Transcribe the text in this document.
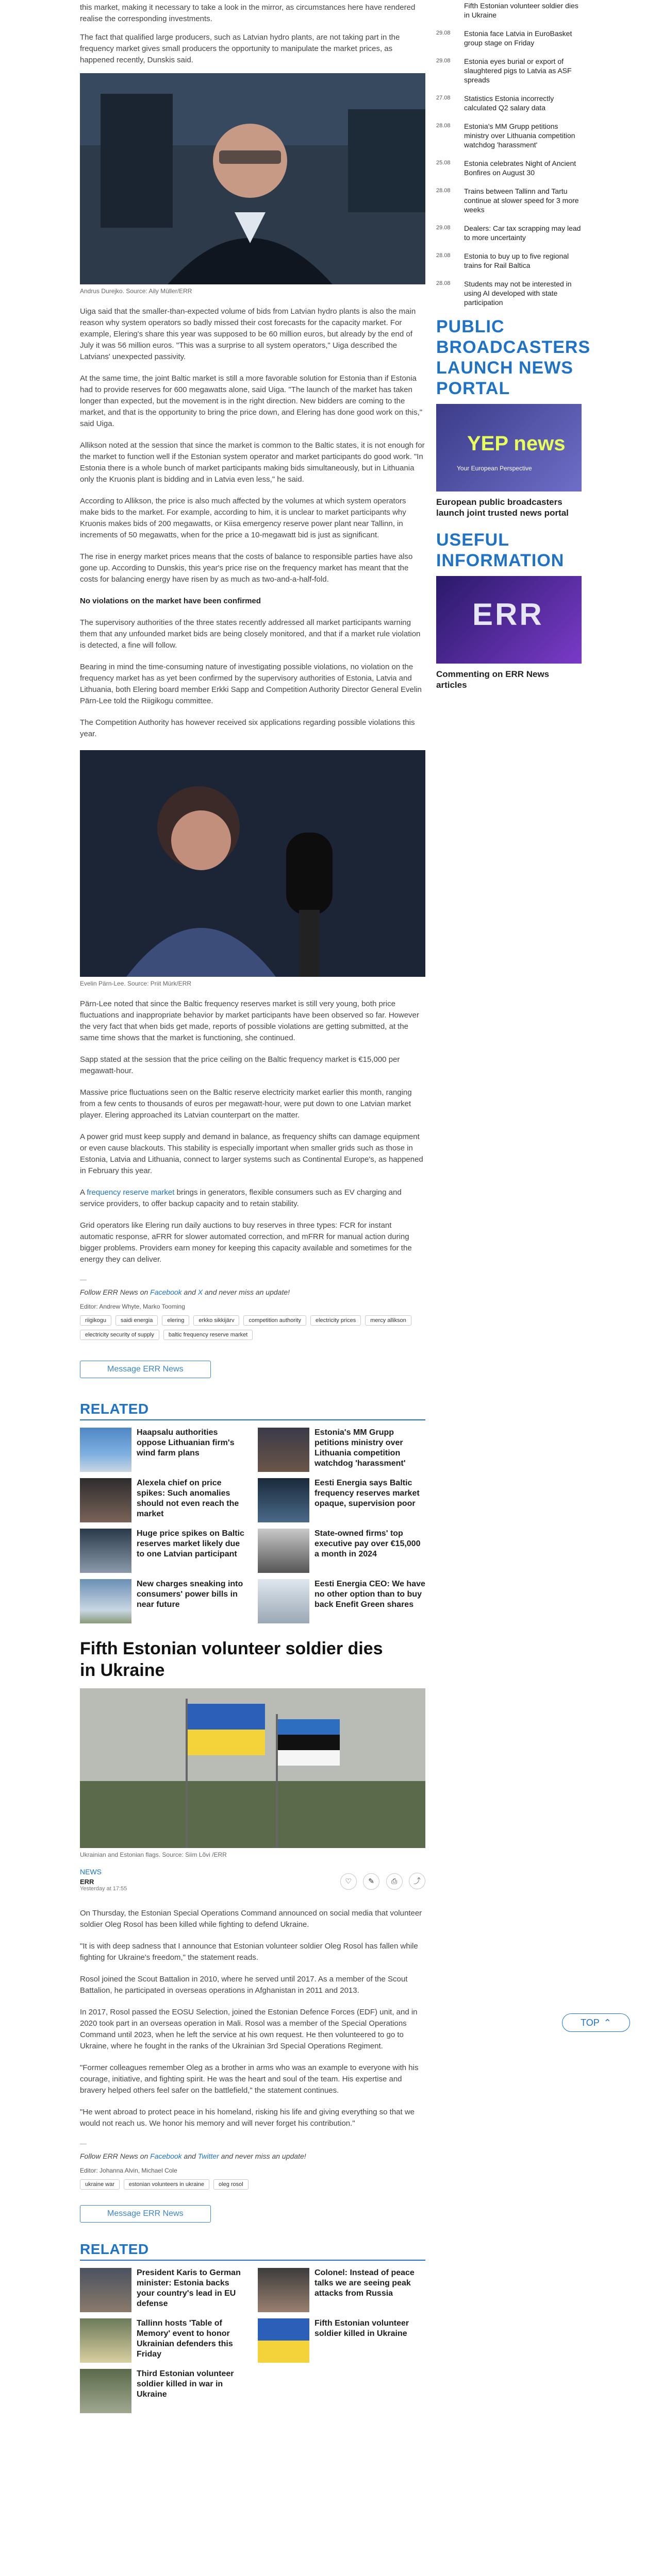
this market, making it necessary to take a look in the mirror, as circumstances here have rendered realise the corresponding investments.

The fact that qualified large producers, such as Latvian hydro plants, are not taking part in the frequency market gives small producers the opportunity to manipulate the market prices, as happened recently, Dunskis said.

Andrus Durejko. Source: Aily Müller/ERR

Uiga said that the smaller-than-expected volume of bids from Latvian hydro plants is also the main reason why system operators so badly missed their cost forecasts for the capacity market. For example, Elering's share this year was supposed to be 60 million euros, but already by the end of July it was 56 million euros. "This was a surprise to all system operators," Uiga described the Latvians' unexpected passivity.

At the same time, the joint Baltic market is still a more favorable solution for Estonia than if Estonia had to provide reserves for 600 megawatts alone, said Uiga. "The launch of the market has taken longer than expected, but the movement is in the right direction. New bidders are coming to the market, and that is the opportunity to bring the price down, and Elering has done good work on this," said Uiga.

Allikson noted at the session that since the market is common to the Baltic states, it is not enough for the market to function well if the Estonian system operator and market participants do good work. "In Estonia there is a whole bunch of market participants making bids simultaneously, but in Lithuania only the Kruonis plant is bidding and in Latvia even less," he said.

According to Allikson, the price is also much affected by the volumes at which system operators make bids to the market. For example, according to him, it is unclear to market participants why Kruonis makes bids of 200 megawatts, or Kiisa emergency reserve power plant near Tallinn, in increments of 50 megawatts, when for the price a 10-megawatt bid is just as significant.

The rise in energy market prices means that the costs of balance to responsible parties have also gone up. According to Dunskis, this year's price rise on the frequency market has meant that the costs for balancing energy have risen by as much as two-and-a-half-fold.

No violations on the market have been confirmed

The supervisory authorities of the three states recently addressed all market participants warning them that any unfounded market bids are being closely monitored, and that if a market rule violation is detected, a fine will follow.

Bearing in mind the time-consuming nature of investigating possible violations, no violation on the frequency market has as yet been confirmed by the supervisory authorities of Estonia, Latvia and Lithuania, both Elering board member Erkki Sapp and Competition Authority Director General Evelin Pärn-Lee told the Riigikogu committee.

The Competition Authority has however received six applications regarding possible violations this year.

Evelin Pärn-Lee. Source: Priit Mürk/ERR

Pärn-Lee noted that since the Baltic frequency reserves market is still very young, both price fluctuations and inappropriate behavior by market participants have been observed so far. However the very fact that when bids get made, reports of possible violations are getting submitted, at the same time shows that the market is functioning, she continued.

Sapp stated at the session that the price ceiling on the Baltic frequency market is €15,000 per megawatt-hour.

Massive price fluctuations seen on the Baltic reserve electricity market earlier this month, ranging from a few cents to thousands of euros per megawatt-hour, were put down to one Latvian market player. Elering approached its Latvian counterpart on the matter.

A power grid must keep supply and demand in balance, as frequency shifts can damage equipment or even cause blackouts. This stability is especially important when smaller grids such as those in Estonia, Latvia and Lithuania, connect to larger systems such as Continental Europe's, as happened in February this year.

A frequency reserve market brings in generators, flexible consumers such as EV charging and service providers, to offer backup capacity and to retain stability.

Grid operators like Elering run daily auctions to buy reserves in three types: FCR for instant automatic response, aFRR for slower automated correction, and mFRR for manual action during bigger problems. Providers earn money for keeping this capacity available and sometimes for the energy they can deliver.

—

Follow ERR News on Facebook and X and never miss an update!

Editor: Andrew Whyte, Marko Tooming
riigikogu	saidi energia	elering	erkko sikkijärv	competition authority	electricity prices	mercy allikson
electricity security of supply	baltic frequency reserve market
Message ERR News
RELATED
Haapsalu authorities oppose Lithuanian firm's wind farm plans
Estonia's MM Grupp petitions ministry over Lithuania competition watchdog 'harassment'
Alexela chief on price spikes: Such anomalies should not even reach the market
Eesti Energia says Baltic frequency reserves market opaque, supervision poor
Huge price spikes on Baltic reserves market likely due to one Latvian participant
State-owned firms' top executive pay over €15,000 a month in 2024
New charges sneaking into consumers' power bills in near future
Eesti Energia CEO: We have no other option than to buy back Enefit Green shares
Fifth Estonian volunteer soldier dies in Ukraine
Ukrainian and Estonian flags. Source: Siim Lõvi /ERR
NEWS
ERR
Yesterday at 17:55
♡ ✎ ⎙ ⤴

On Thursday, the Estonian Special Operations Command announced on social media that volunteer soldier Oleg Rosol has been killed while fighting to defend Ukraine.

"It is with deep sadness that I announce that Estonian volunteer soldier Oleg Rosol has fallen while fighting for Ukraine's freedom," the statement reads.

Rosol joined the Scout Battalion in 2010, where he served until 2017. As a member of the Scout Battalion, he participated in overseas operations in Afghanistan in 2011 and 2013.

In 2017, Rosol passed the EOSU Selection, joined the Estonian Defence Forces (EDF) unit, and in 2020 took part in an overseas operation in Mali. Rosol was a member of the Special Operations Command until 2023, when he left the service at his own request. He then volunteered to go to Ukraine, where he fought in the ranks of the Ukrainian 3rd Special Operations Regiment.

"Former colleagues remember Oleg as a brother in arms who was an example to everyone with his courage, initiative, and fighting spirit. He was the heart and soul of the team. His expertise and bravery helped others feel safer on the battlefield," the statement continues.

"He went abroad to protect peace in his homeland, risking his life and giving everything so that we would not reach us. We honor his memory and will never forget his contribution."

—

Follow ERR News on Facebook and Twitter and never miss an update!

Editor: Johanna Alvin, Michael Cole
ukraine war	estonian volunteers in ukraine	oleg rosol
Message ERR News
RELATED
President Karis to German minister: Estonia backs your country's lead in EU defense
Colonel: Instead of peace talks we are seeing peak attacks from Russia
Tallinn hosts 'Table of Memory' event to honor Ukrainian defenders this Friday
Fifth Estonian volunteer soldier killed in Ukraine
Third Estonian volunteer soldier killed in war in Ukraine
TOP ⌃
Fifth Estonian volunteer soldier dies in Ukraine
29.08	Estonia face Latvia in EuroBasket group stage on Friday
29.08	Estonia eyes burial or export of slaughtered pigs to Latvia as ASF spreads
27.08	Statistics Estonia incorrectly calculated Q2 salary data
28.08	Estonia's MM Grupp petitions ministry over Lithuania competition watchdog 'harassment'
25.08	Estonia celebrates Night of Ancient Bonfires on August 30
28.08	Trains between Tallinn and Tartu continue at slower speed for 3 more weeks
29.08	Dealers: Car tax scrapping may lead to more uncertainty
28.08	Estonia to buy up to five regional trains for Rail Baltica
28.08	Students may not be interested in using AI developed with state participation
PUBLIC BROADCASTERS LAUNCH NEWS PORTAL
YEP news
Your European Perspective
European public broadcasters launch joint trusted news portal
USEFUL INFORMATION
ERR
Commenting on ERR News articles
